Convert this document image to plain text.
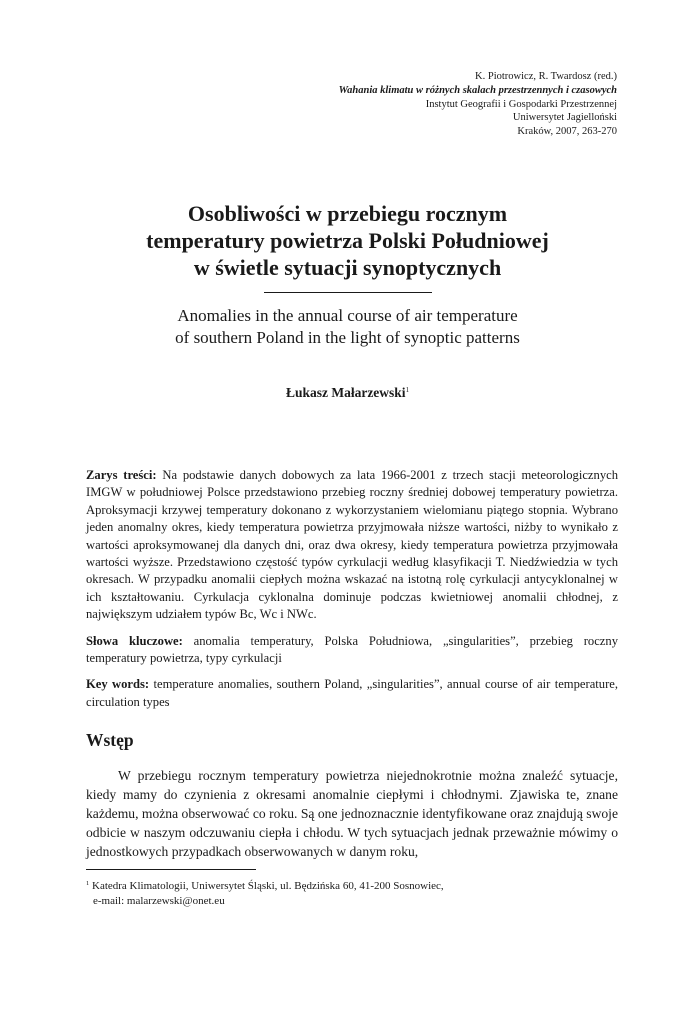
K. Piotrowicz, R. Twardosz (red.)
Wahania klimatu w różnych skalach przestrzennych i czasowych
Instytut Geografii i Gospodarki Przestrzennej
Uniwersytet Jagielloński
Kraków, 2007, 263-270
Osobliwości w przebiegu rocznym
temperatury powietrza Polski Południowej
w świetle sytuacji synoptycznych
Anomalies in the annual course of air temperature
of southern Poland in the light of synoptic patterns
Łukasz Małarzewski$^1$

Zarys treści: Na podstawie danych dobowych za lata 1966-2001 z trzech stacji meteorologicznych IMGW w południowej Polsce przedstawiono przebieg roczny średniej dobowej temperatury powietrza. Aproksymacji krzywej temperatury dokonano z wykorzystaniem wielomianu piątego stopnia. Wybrano jeden anomalny okres, kiedy temperatura powietrza przyjmowała niższe wartości, niżby to wynikało z wartości aproksymowanej dla danych dni, oraz dwa okresy, kiedy temperatura powietrza przyjmowała wartości wyższe. Przedstawiono częstość typów cyrkulacji według klasyfikacji T. Niedźwiedzia w tych okresach. W przypadku anomalii ciepłych można wskazać na istotną rolę cyrkulacji antycyklonalnej w ich kształtowaniu. Cyrkulacja cyklonalna dominuje podczas kwietniowej anomalii chłodnej, z największym udziałem typów Bc, Wc i NWc.

Słowa kluczowe: anomalia temperatury, Polska Południowa, „singularities”, przebieg roczny temperatury powietrza, typy cyrkulacji

Key words: temperature anomalies, southern Poland, „singularities”, annual course of air temperature, circulation types

Wstęp

W przebiegu rocznym temperatury powietrza niejednokrotnie można znaleźć sytuacje, kiedy mamy do czynienia z okresami anomalnie ciepłymi i chłodnymi. Zjawiska te, znane każdemu, można obserwować co roku. Są one jednoznacznie identyfikowane oraz znajdują swoje odbicie w naszym odczuwaniu ciepła i chłodu. W tych sytuacjach jednak przeważnie mówimy o jednostkowych przypadkach obserwowanych w danym roku,

$^1$ Katedra Klimatologii, Uniwersytet Śląski, ul. Będzińska 60, 41-200 Sosnowiec,
e-mail: malarzewski@onet.eu
